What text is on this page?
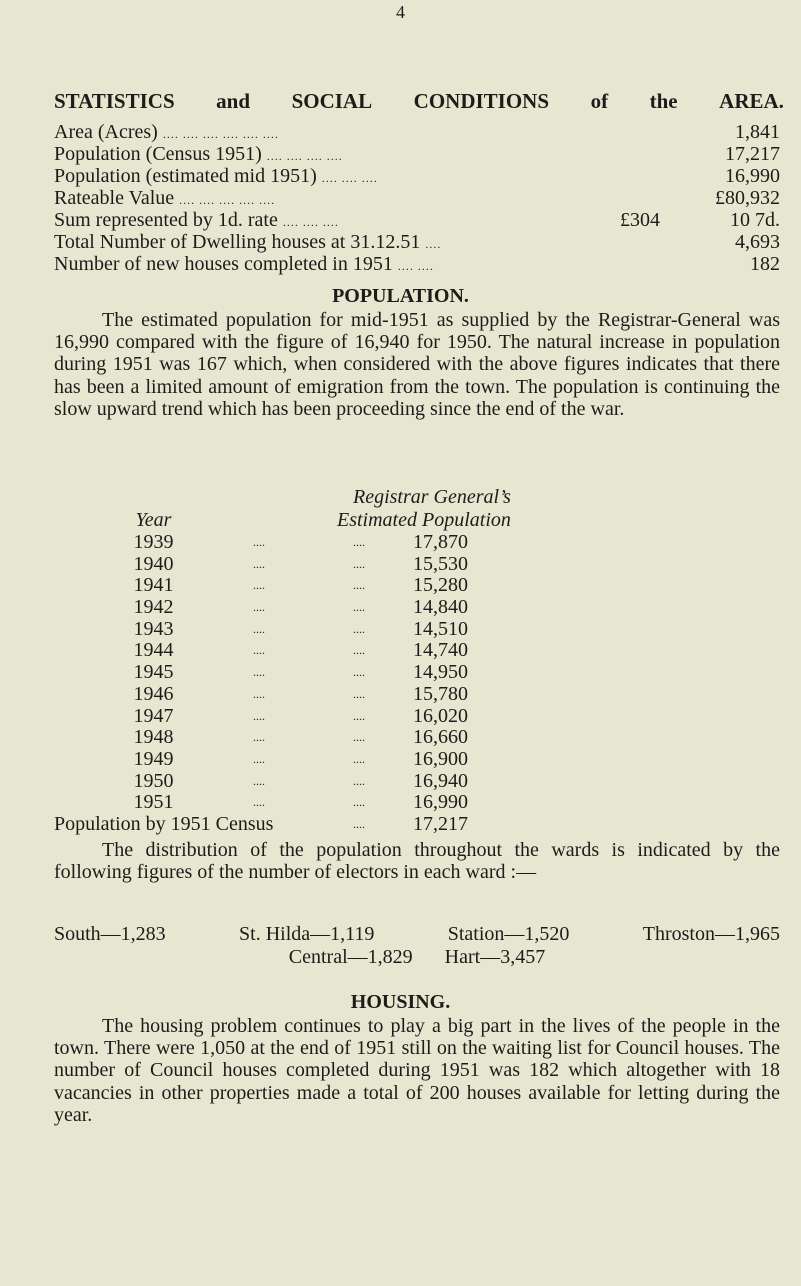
4
STATISTICS and SOCIAL CONDITIONS of the AREA.
Area (Acres) .... .... .... .... .... ....	1,841
Population (Census 1951) .... .... .... ....	17,217
Population (estimated mid 1951) .... .... ....	16,990
Rateable Value .... .... .... .... ....	£80,932
Sum represented by 1d. rate .... .... ....	£304	10 7d.
Total Number of Dwelling houses at 31.12.51 ....	4,693
Number of new houses completed in 1951 .... ....	182
POPULATION.

The estimated population for mid-1951 as supplied by the Registrar-General was 16,990 compared with the figure of 16,940 for 1950. The natural increase in population during 1951 was 167 which, when considered with the above figures indicates that there has been a limited amount of emigration from the town. The population is continuing the slow upward trend which has been proceeding since the end of the war.

Registrar General’s
Year	Estimated Population
1939	....	....	17,870
1940	....	....	15,530
1941	....	....	15,280
1942	....	....	14,840
1943	....	....	14,510
1944	....	....	14,740
1945	....	....	14,950
1946	....	....	15,780
1947	....	....	16,020
1948	....	....	16,660
1949	....	....	16,900
1950	....	....	16,940
1951	....	....	16,990
Population by 1951 Census	....	17,217

The distribution of the population throughout the wards is indicated by the following figures of the number of electors in each ward :—

South—1,283	St. Hilda—1,119	Station—1,520	Throston—1,965
Central—1,829 Hart—3,457
HOUSING.

The housing problem continues to play a big part in the lives of the people in the town. There were 1,050 at the end of 1951 still on the waiting list for Council houses. The number of Council houses completed during 1951 was 182 which altogether with 18 vacancies in other properties made a total of 200 houses available for letting during the year.
